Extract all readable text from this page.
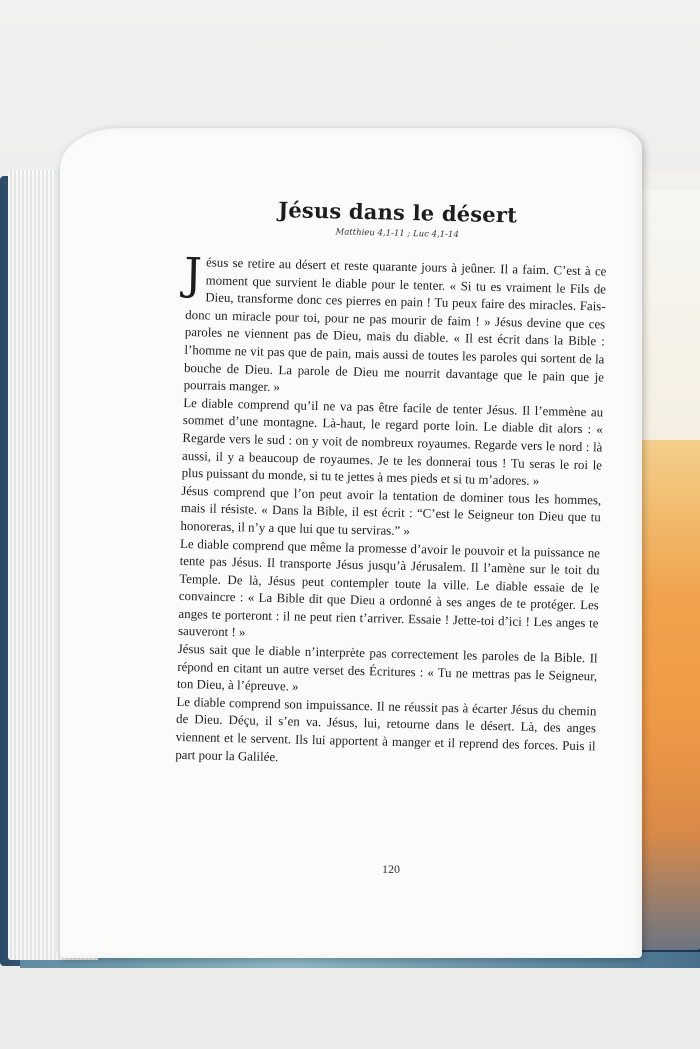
Jésus dans le désert
Matthieu 4,1-11 ; Luc 4,1-14

Jésus se retire au désert et reste quarante jours à jeûner. Il a faim. C’est à ce moment que survient le diable pour le tenter. « Si tu es vraiment le Fils de Dieu, transforme donc ces pierres en pain ! Tu peux faire des miracles. Fais-donc un miracle pour toi, pour ne pas mourir de faim ! » Jésus devine que ces paroles ne viennent pas de Dieu, mais du diable. « Il est écrit dans la Bible : l’homme ne vit pas que de pain, mais aussi de toutes les paroles qui sortent de la bouche de Dieu. La parole de Dieu me nourrit davantage que le pain que je pourrais manger. »

Le diable comprend qu’il ne va pas être facile de tenter Jésus. Il l’emmène au sommet d’une montagne. Là-haut, le regard porte loin. Le diable dit alors : « Regarde vers le sud : on y voit de nombreux royaumes. Regarde vers le nord : là aussi, il y a beaucoup de royaumes. Je te les donnerai tous ! Tu seras le roi le plus puissant du monde, si tu te jettes à mes pieds et si tu m’adores. »

Jésus comprend que l’on peut avoir la tentation de dominer tous les hommes, mais il résiste. « Dans la Bible, il est écrit : “C’est le Seigneur ton Dieu que tu honoreras, il n’y a que lui que tu serviras.” »

Le diable comprend que même la promesse d’avoir le pouvoir et la puissance ne tente pas Jésus. Il transporte Jésus jusqu’à Jérusalem. Il l’amène sur le toit du Temple. De là, Jésus peut contempler toute la ville. Le diable essaie de le convaincre : « La Bible dit que Dieu a ordonné à ses anges de te protéger. Les anges te porteront : il ne peut rien t’arriver. Essaie ! Jette-toi d’ici ! Les anges te sauveront ! »

Jésus sait que le diable n’interprète pas correctement les paroles de la Bible. Il répond en citant un autre verset des Écritures : « Tu ne mettras pas le Seigneur, ton Dieu, à l’épreuve. »

Le diable comprend son impuissance. Il ne réussit pas à écarter Jésus du chemin de Dieu. Déçu, il s’en va. Jésus, lui, retourne dans le désert. Là, des anges viennent et le servent. Ils lui apportent à manger et il reprend des forces. Puis il part pour la Galilée.

120
